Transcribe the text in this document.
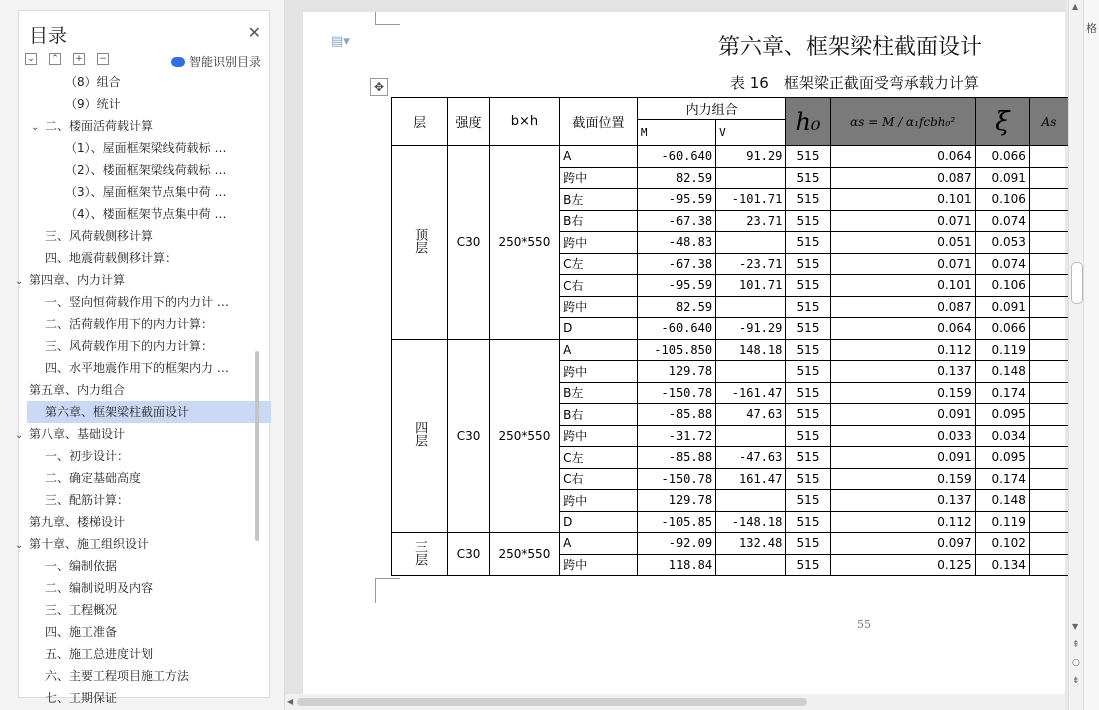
目录	✕
⌄ ⌃ + −	智能识别目录
（8）组合
（9）统计
⌄ 二、楼面活荷载计算
（1）、屋面框架梁线荷载标 …
（2）、楼面框架梁线荷载标 …
（3）、屋面框架节点集中荷 …
（4）、楼面框架节点集中荷 …
三、风荷载侧移计算
四、地震荷载侧移计算：
⌄ 第四章、内力计算
一、竖向恒荷载作用下的内力计 …
二、活荷载作用下的内力计算：
三、风荷载作用下的内力计算：
四、水平地震作用下的框架内力 …
第五章、内力组合
第六章、框架梁柱截面设计
⌄ 第八章、基础设计
一、初步设计：
二、确定基础高度
三、配筋计算：
第九章、楼梯设计
⌄ 第十章、施工组织设计
一、编制依据
二、编制说明及内容
三、工程概况
四、施工准备
五、施工总进度计划
六、主要工程项目施工方法
七、工期保证
▤▾
✥
第六章、框架梁柱截面设计
表 16　框架梁正截面受弯承载力计算
55
层	强度	b×h	截面位置	内力组合		h₀	αs = M / α₁fcbh₀²	ξ	As
				M	V				
顶层	C30	250*550	A	-60.640	91.29	515	0.064	0.066	
			跨中	82.59		515	0.087	0.091	
			B左	-95.59	-101.71	515	0.101	0.106	
			B右	-67.38	23.71	515	0.071	0.074	
			跨中	-48.83		515	0.051	0.053	
			C左	-67.38	-23.71	515	0.071	0.074	
			C右	-95.59	101.71	515	0.101	0.106	
			跨中	82.59		515	0.087	0.091	
			D	-60.640	-91.29	515	0.064	0.066	
四层	C30	250*550	A	-105.850	148.18	515	0.112	0.119	
			跨中	129.78		515	0.137	0.148	
			B左	-150.78	-161.47	515	0.159	0.174	
			B右	-85.88	47.63	515	0.091	0.095	
			跨中	-31.72		515	0.033	0.034	
			C左	-85.88	-47.63	515	0.091	0.095	
			C右	-150.78	161.47	515	0.159	0.174	
			跨中	129.78		515	0.137	0.148	
			D	-105.85	-148.18	515	0.112	0.119	
三层	C30	250*550	A	-92.09	132.48	515	0.097	0.102	
			跨中	118.84		515	0.125	0.134	
◀
▲
▼
⇞
○
⇟
格
